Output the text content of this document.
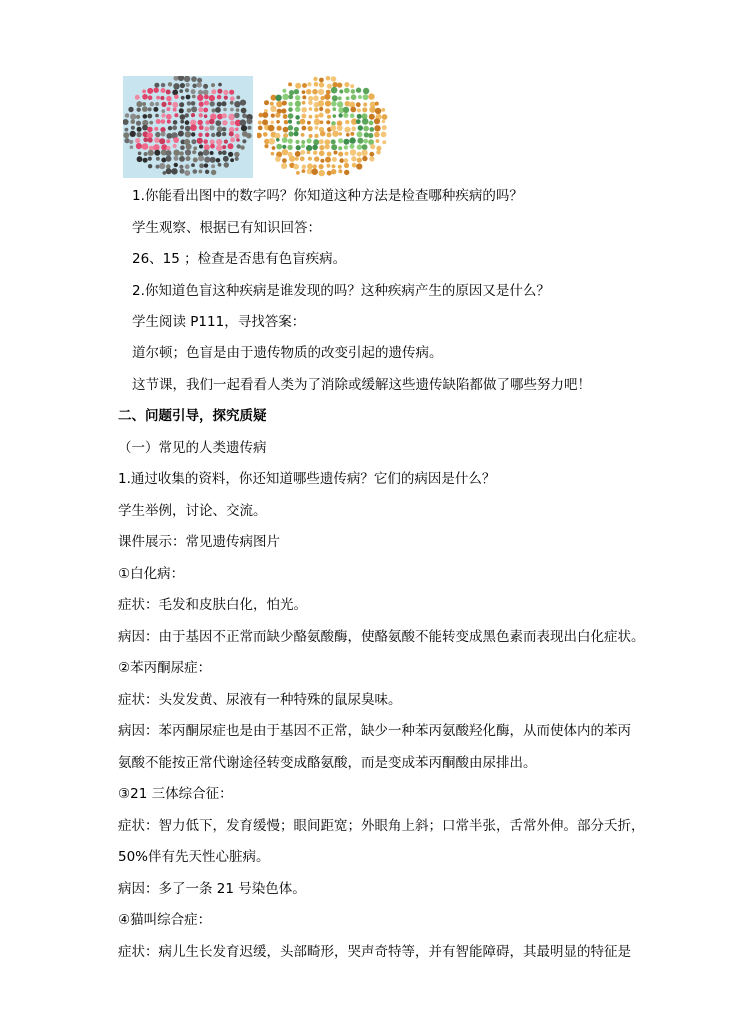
1.你能看出图中的数字吗？你知道这种方法是检查哪种疾病的吗？
学生观察、根据已有知识回答：
26、15 ；检查是否患有色盲疾病。
2.你知道色盲这种疾病是谁发现的吗？这种疾病产生的原因又是什么？
学生阅读 P111，寻找答案：
道尔顿；色盲是由于遗传物质的改变引起的遗传病。
这节课，我们一起看看人类为了消除或缓解这些遗传缺陷都做了哪些努力吧！
二、问题引导，探究质疑
（一）常见的人类遗传病
1.通过收集的资料，你还知道哪些遗传病？它们的病因是什么？
学生举例，讨论、交流。
课件展示：常见遗传病图片
①白化病：
症状：毛发和皮肤白化，怕光。
病因：由于基因不正常而缺少酪氨酸酶，使酪氨酸不能转变成黑色素而表现出白化症状。
②苯丙酮尿症：
症状：头发发黄、尿液有一种特殊的鼠尿臭味。
病因：苯丙酮尿症也是由于基因不正常，缺少一种苯丙氨酸羟化酶，从而使体内的苯丙
氨酸不能按正常代谢途径转变成酪氨酸，而是变成苯丙酮酸由尿排出。
③21 三体综合征：
症状：智力低下，发育缓慢；眼间距宽；外眼角上斜；口常半张，舌常外伸。部分夭折，
50%伴有先天性心脏病。
病因：多了一条 21 号染色体。
④猫叫综合症：
症状：病儿生长发育迟缓，头部畸形，哭声奇特等，并有智能障碍，其最明显的特征是
